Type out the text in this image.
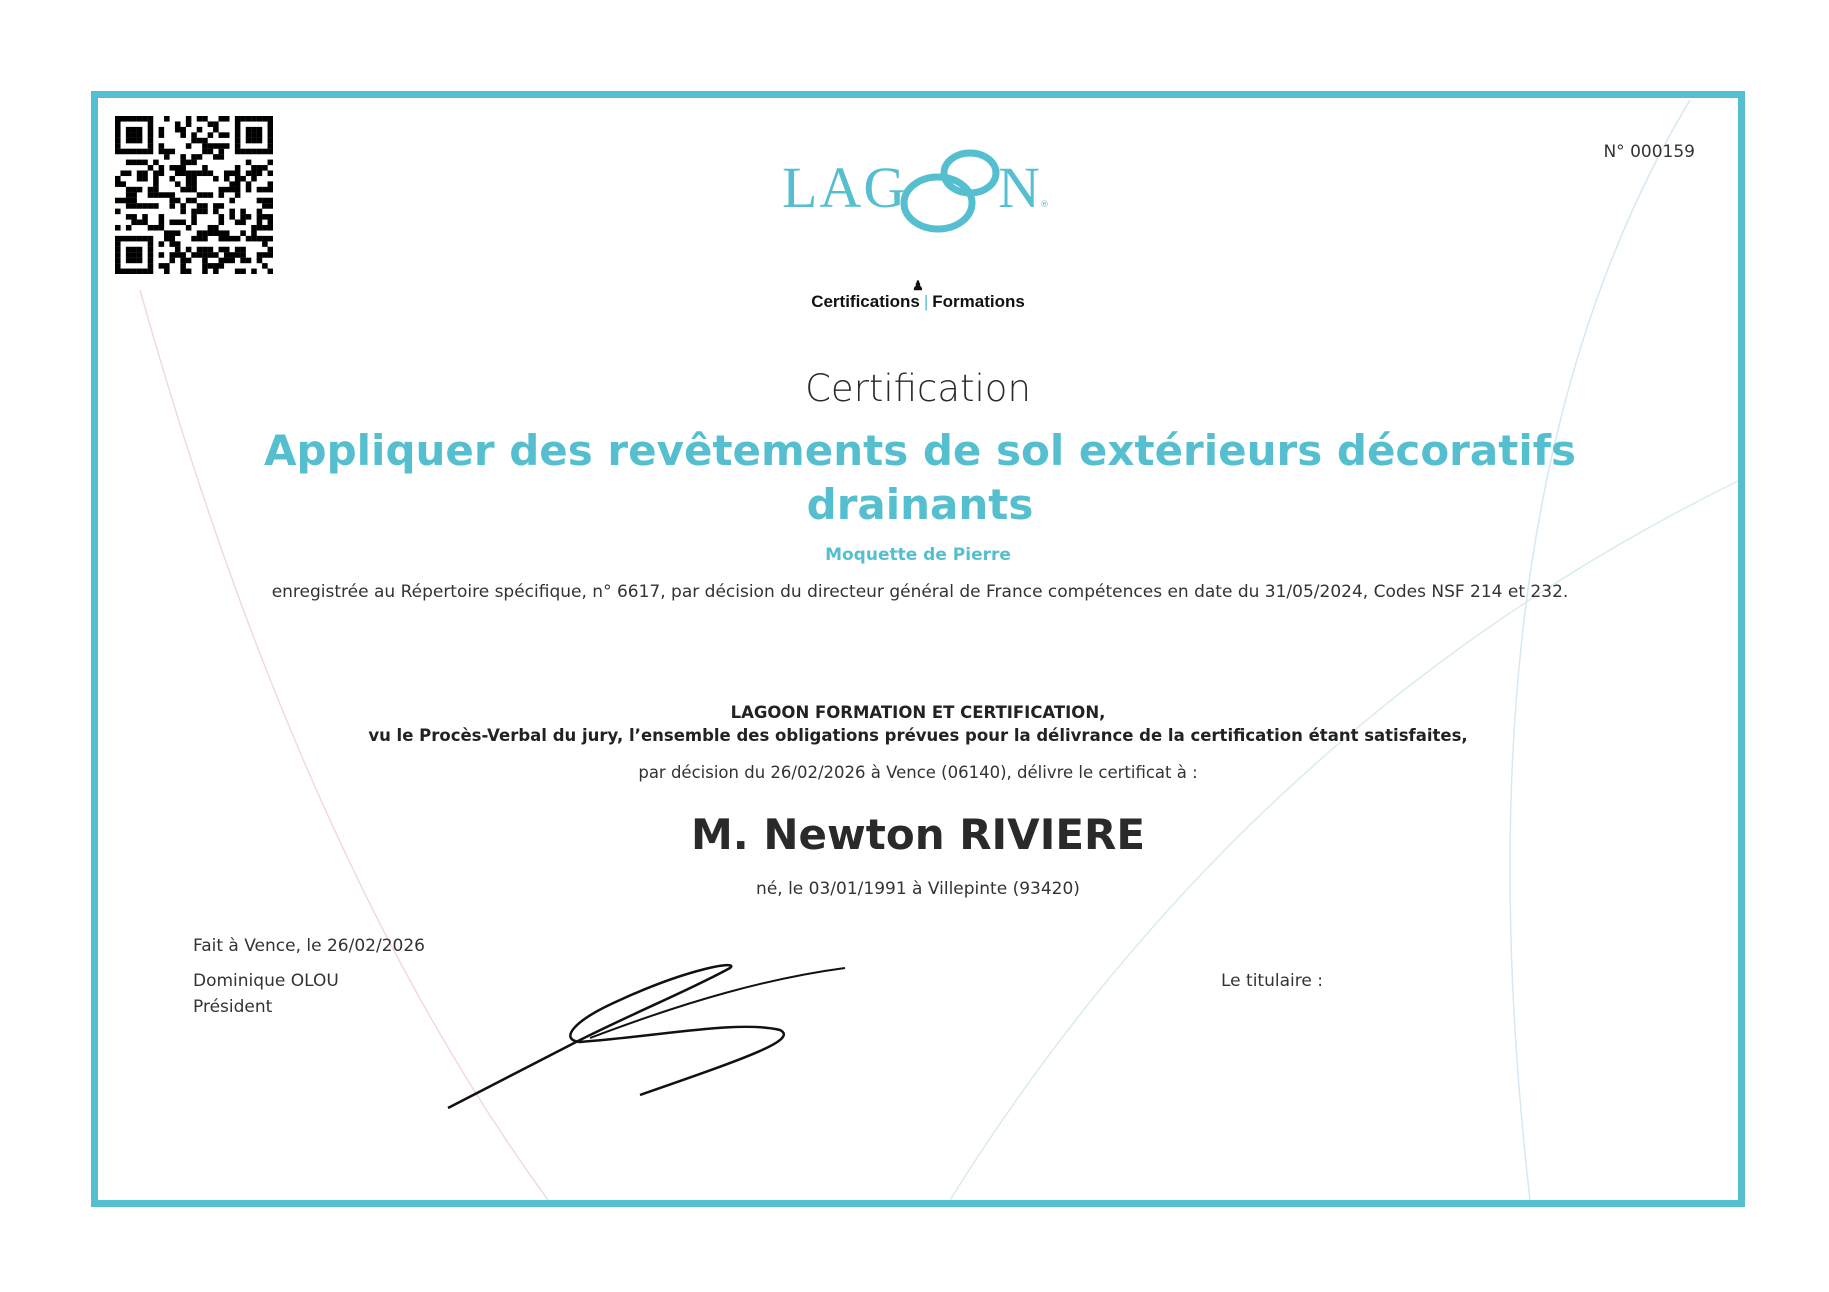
LAG N ®
♟
Certifications | Formations
N° 000159
Certification
Appliquer des revêtements de sol extérieurs décoratifs drainants
Moquette de Pierre
enregistrée au Répertoire spécifique, n° 6617, par décision du directeur général de France compétences en date du 31/05/2024, Codes NSF 214 et 232.
LAGOON FORMATION ET CERTIFICATION,
vu le Procès-Verbal du jury, l’ensemble des obligations prévues pour la délivrance de la certification étant satisfaites,
par décision du 26/02/2026 à Vence (06140), délivre le certificat à :
M. Newton RIVIERE
né, le 03/01/1991 à Villepinte (93420)
Fait à Vence, le 26/02/2026
Dominique OLOU
Président
Le titulaire :
